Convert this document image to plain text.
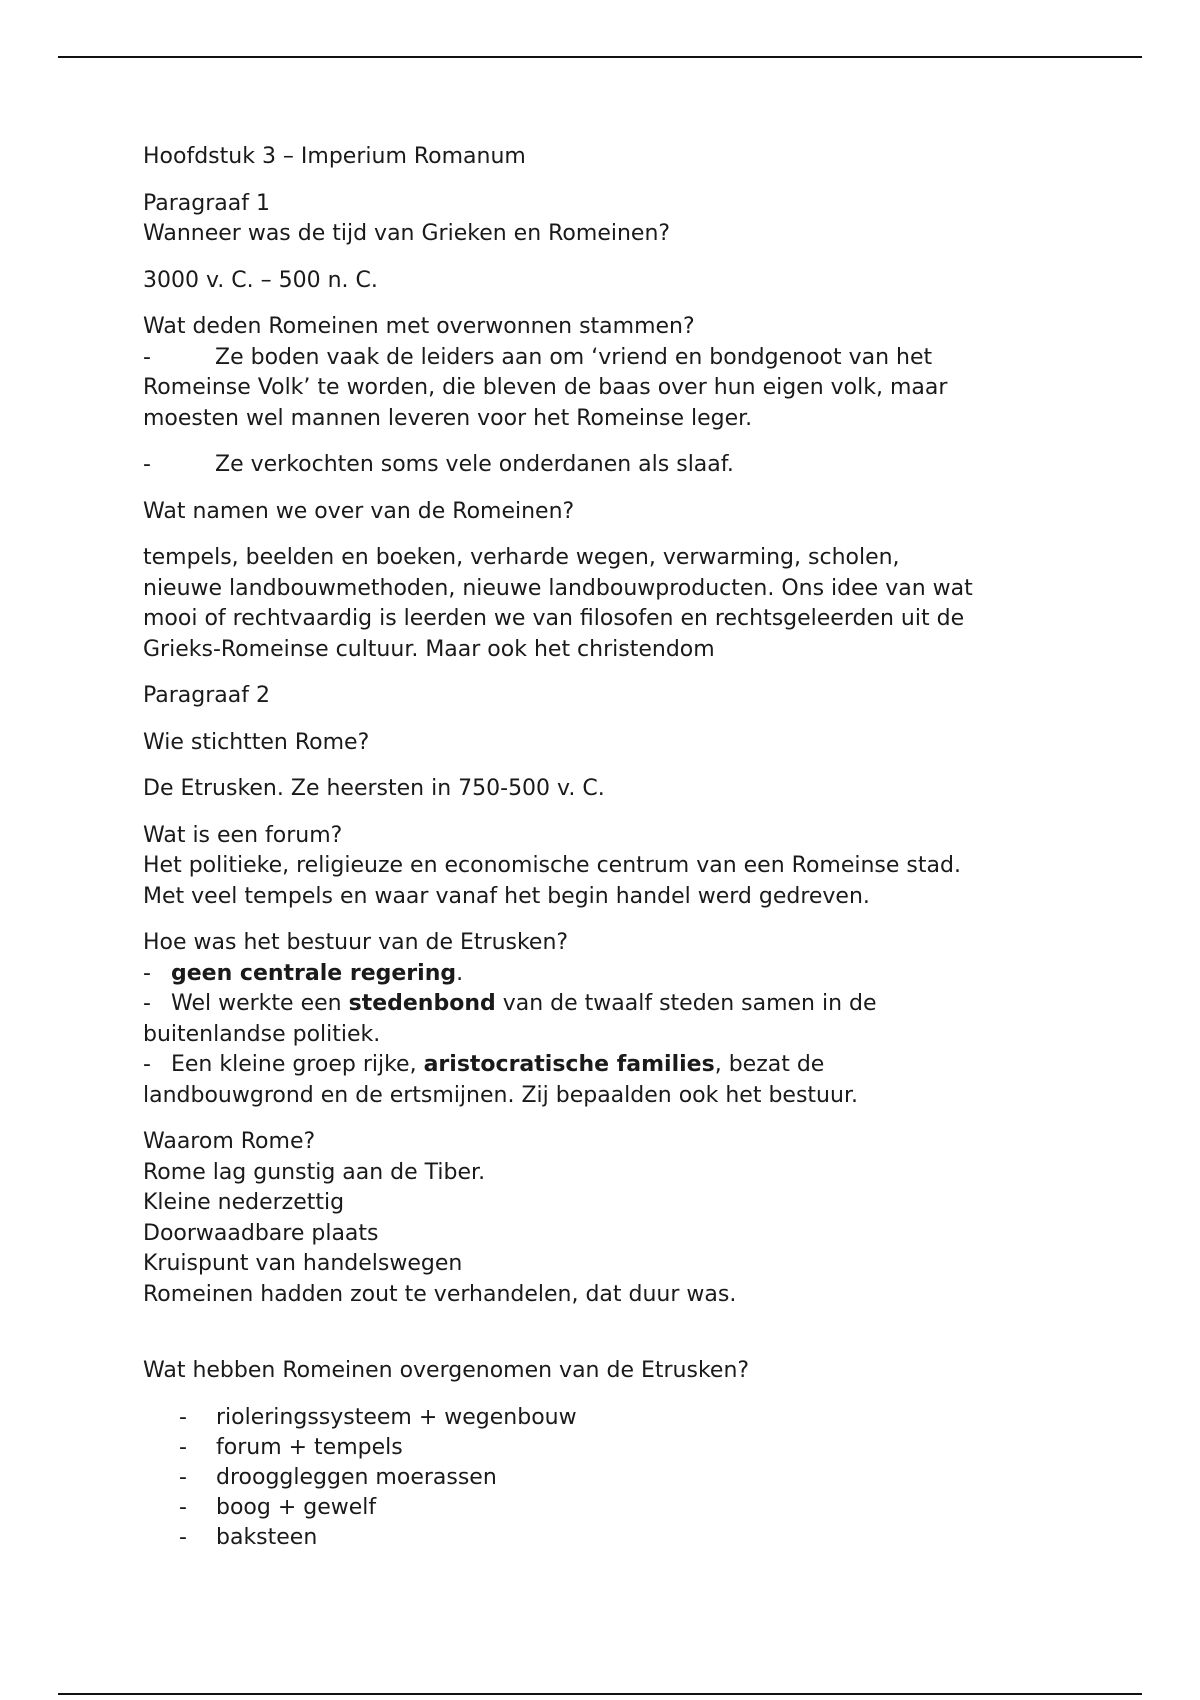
Hoofdstuk 3 – Imperium Romanum

Paragraaf 1
Wanneer was de tijd van Grieken en Romeinen?

3000 v. C. – 500 n. C.

Wat deden Romeinen met overwonnen stammen?
-	Ze boden vaak de leiders aan om ‘vriend en bondgenoot van het
Romeinse Volk’ te worden, die bleven de baas over hun eigen volk, maar
moesten wel mannen leveren voor het Romeinse leger.

-	Ze verkochten soms vele onderdanen als slaaf.

Wat namen we over van de Romeinen?

tempels, beelden en boeken, verharde wegen, verwarming, scholen,
nieuwe landbouwmethoden, nieuwe landbouwproducten. Ons idee van wat
mooi of rechtvaardig is leerden we van filosofen en rechtsgeleerden uit de
Grieks-Romeinse cultuur. Maar ook het christendom

Paragraaf 2

Wie stichtten Rome?

De Etrusken. Ze heersten in 750-500 v. C.

Wat is een forum?
Het politieke, religieuze en economische centrum van een Romeinse stad.
Met veel tempels en waar vanaf het begin handel werd gedreven.

Hoe was het bestuur van de Etrusken?
- geen centrale regering.
- Wel werkte een stedenbond van de twaalf steden samen in de
buitenlandse politiek.
- Een kleine groep rijke, aristocratische families, bezat de
landbouwgrond en de ertsmijnen. Zij bepaalden ook het bestuur.

Waarom Rome?
Rome lag gunstig aan de Tiber.
Kleine nederzettig
Doorwaadbare plaats
Kruispunt van handelswegen
Romeinen hadden zout te verhandelen, dat duur was.

Wat hebben Romeinen overgenomen van de Etrusken?

- rioleringssysteem + wegenbouw
- forum + tempels
- drooggleggen moerassen
- boog + gewelf
- baksteen
